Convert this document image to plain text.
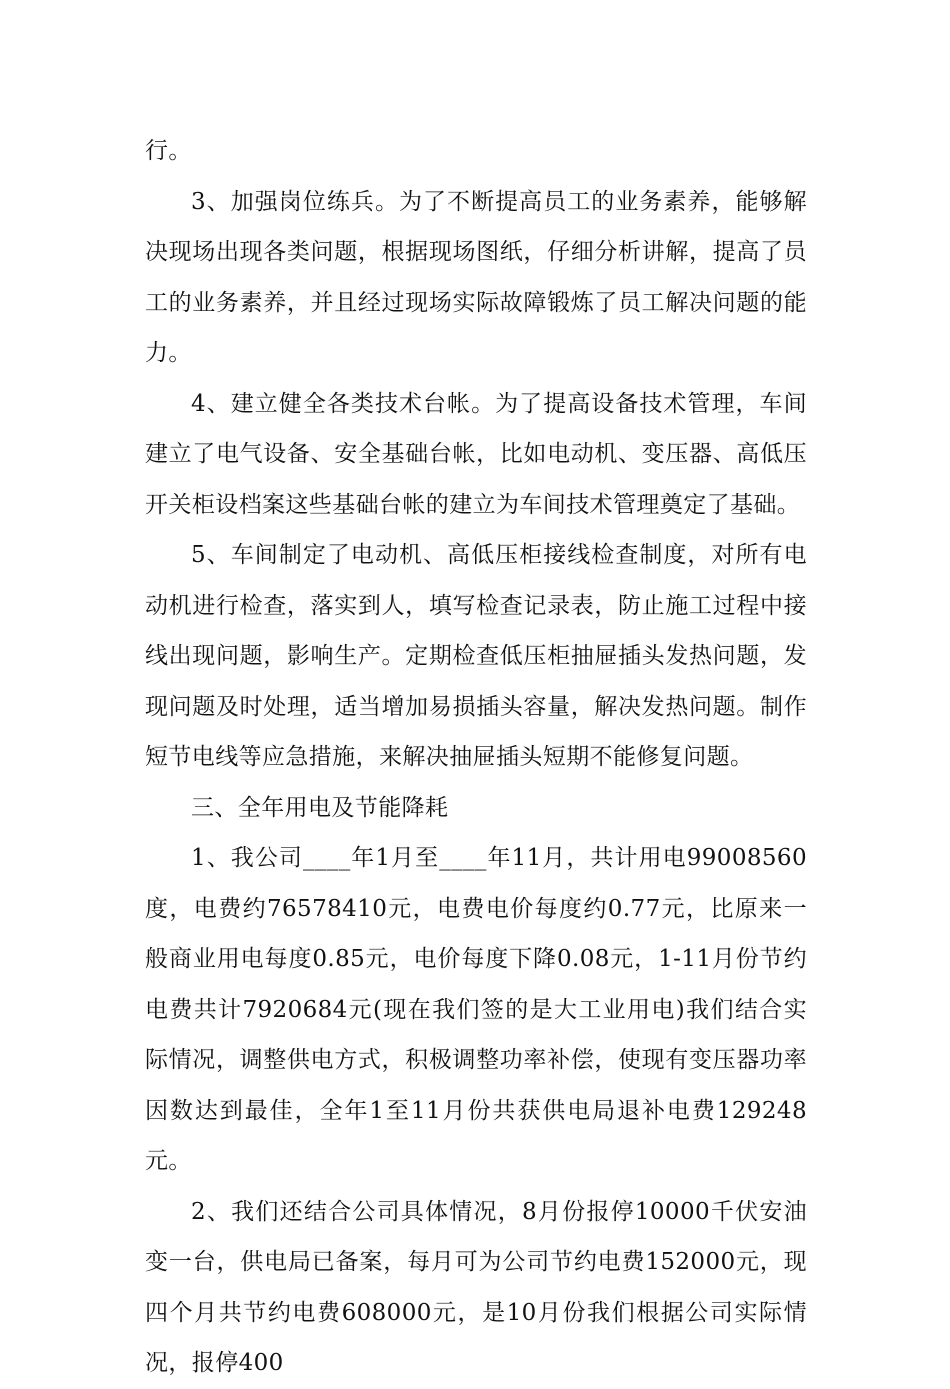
行。

3、加强岗位练兵。为了不断提高员工的业务素养，能够解决现场出现各类问题，根据现场图纸，仔细分析讲解，提高了员工的业务素养，并且经过现场实际故障锻炼了员工解决问题的能力。

4、建立健全各类技术台帐。为了提高设备技术管理，车间建立了电气设备、安全基础台帐，比如电动机、变压器、高低压开关柜设档案这些基础台帐的建立为车间技术管理奠定了基础。

5、车间制定了电动机、高低压柜接线检查制度，对所有电动机进行检查，落实到人，填写检查记录表，防止施工过程中接线出现问题，影响生产。定期检查低压柜抽屉插头发热问题，发现问题及时处理，适当增加易损插头容量，解决发热问题。制作短节电线等应急措施，来解决抽屉插头短期不能修复问题。

三、全年用电及节能降耗

1、我公司____年1月至____年11月，共计用电99008560度，电费约76578410元，电费电价每度约0.77元，比原来一般商业用电每度0.85元，电价每度下降0.08元，1-11月份节约电费共计7920684元(现在我们签的是大工业用电)我们结合实际情况，调整供电方式，积极调整功率补偿，使现有变压器功率因数达到最佳，全年1至11月份共获供电局退补电费129248元。

2、我们还结合公司具体情况，8月份报停10000千伏安油变一台，供电局已备案，每月可为公司节约电费152000元，现四个月共节约电费608000元，是10月份我们根据公司实际情况，报停400
